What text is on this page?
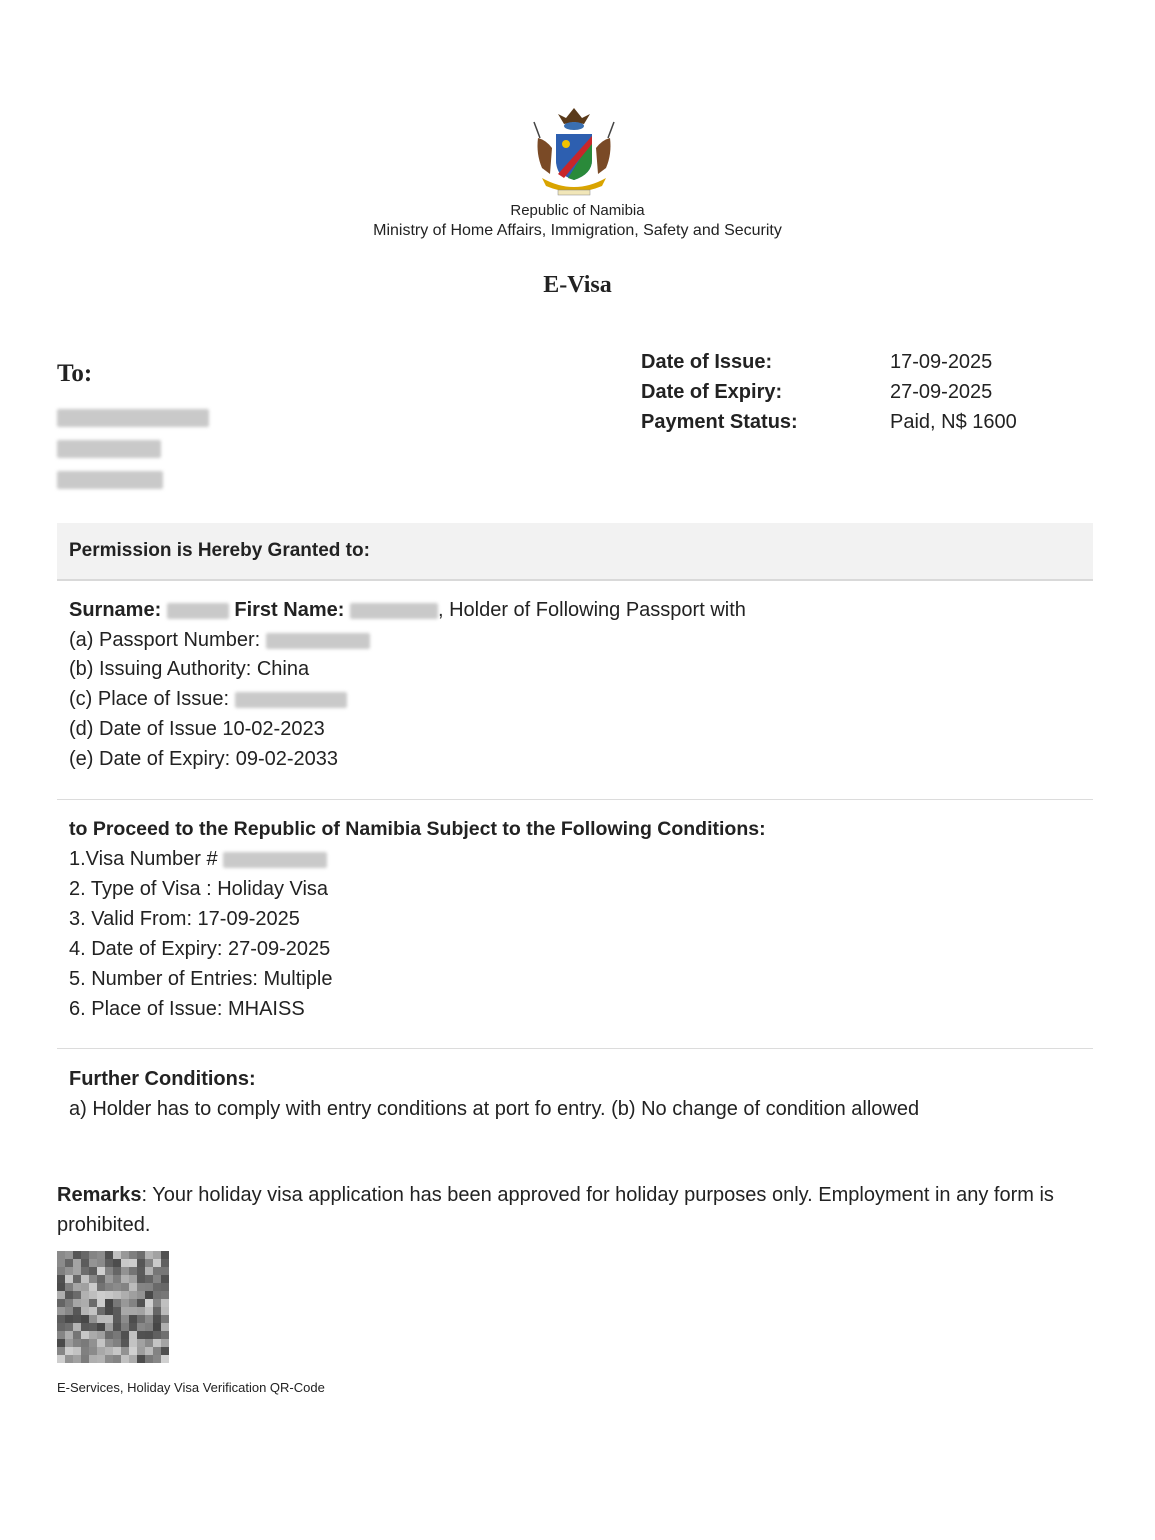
Republic of Namibia
Ministry of Home Affairs, Immigration, Safety and Security
E-Visa
To:	Date of Issue:	17-09-2025
Date of Expiry:	27-09-2025
Payment Status:	Paid, N$ 1600
Permission is Hereby Granted to:
Surname:	First Name:	, Holder of Following Passport with
(a) Passport Number:
(b) Issuing Authority: China
(c) Place of Issue:
(d) Date of Issue 10-02-2023
(e) Date of Expiry: 09-02-2033
to Proceed to the Republic of Namibia Subject to the Following Conditions:
1.Visa Number #
2. Type of Visa : Holiday Visa
3. Valid From: 17-09-2025
4. Date of Expiry: 27-09-2025
5. Number of Entries: Multiple
6. Place of Issue: MHAISS
Further Conditions:
a) Holder has to comply with entry conditions at port fo entry. (b) No change of condition allowed
Remarks: Your holiday visa application has been approved for holiday purposes only. Employment in any form is prohibited.
E-Services, Holiday Visa Verification QR-Code
